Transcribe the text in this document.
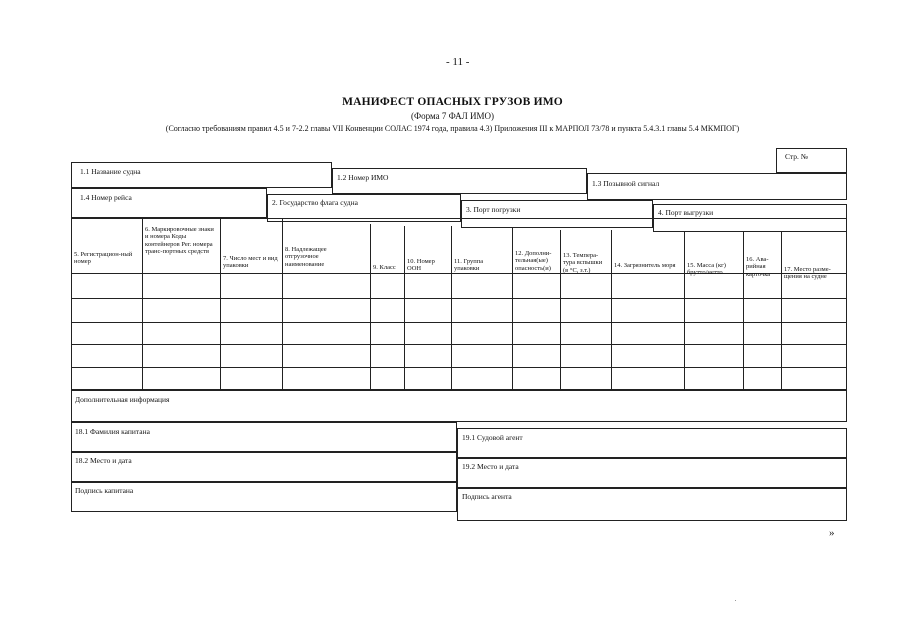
- 11 -
МАНИФЕСТ ОПАСНЫХ ГРУЗОВ ИМО
(Форма 7 ФАЛ ИМО)
(Согласно требованиям правил 4.5 и 7-2.2 главы VII Конвенции СОЛАС 1974 года, правила 4.3) Приложения III к МАРПОЛ 73/78 и пункта 5.4.3.1 главы 5.4 МКМПОГ)
Стр. №
1.1 Название судна
1.2 Номер ИМО
1.3 Позывной сигнал
1.4 Номер рейса
2. Государство флага судна
3. Порт погрузки	4. Порт выгрузки
5. Регистрацион-ный номер
6. Маркировочные знаки и номера Коды контейнеров Рег. номера транс-портных средств
7. Число мест и вид упаковки
8. Надлежащее отгрузочное наименование	9. Класс
10. Номер ООН
11. Группа упаковки
12. Дополни-тельная(ые) опасность(и)
13. Темпера-тура вспышки (в °С, з.т.)
14. Загрязнитель моря	15. Масса (кг) брутто/нетто
16. Ава-рийная карточка
17. Место разме-щения на судне
Дополнительная информация
18.1 Фамилия капитана
19.1 Судовой агент
18.2 Место и дата
19.2 Место и дата
Подпись капитана
Подпись агента
»
